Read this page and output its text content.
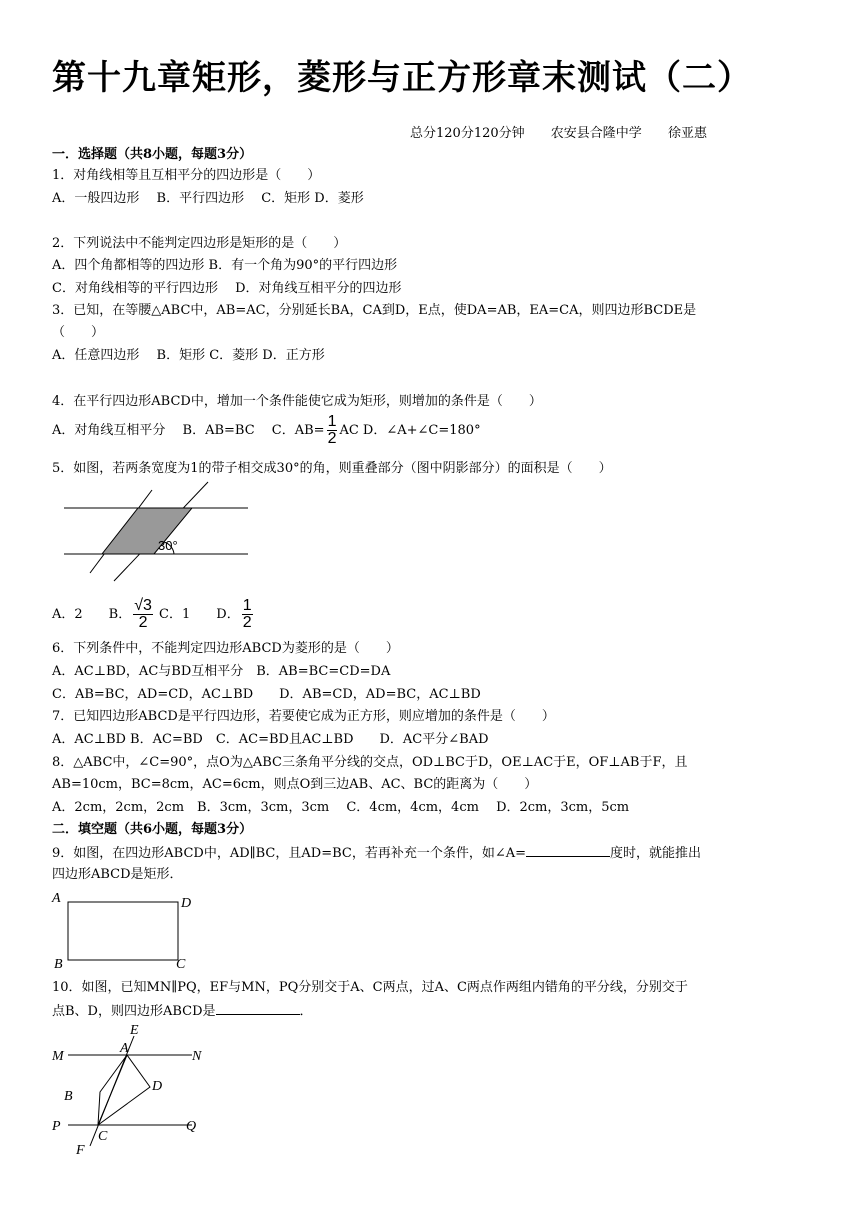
第十九章矩形，菱形与正方形章末测试（二）
总分120分120分钟 农安县合隆中学 徐亚惠
一．选择题（共8小题，每题3分）
1．对角线相等且互相平分的四边形是（　　）
A．一般四边形　 B．平行四边形　 C．矩形 D．菱形
2．下列说法中不能判定四边形是矩形的是（　　）
A．四个角都相等的四边形 B．有一个角为90°的平行四边形
C．对角线相等的平行四边形　 D．对角线互相平分的四边形
3．已知，在等腰△ABC中，AB=AC，分别延长BA，CA到D，E点，使DA=AB，EA=CA，则四边形BCDE是
（　　）
A．任意四边形　 B．矩形 C．菱形 D．正方形
4．在平行四边形ABCD中，增加一个条件能使它成为矩形，则增加的条件是（　　）
A．对角线互相平分　 B．AB=BC　 C．$AB= \frac{1}{2}$ AC D．∠A+∠C=180°
5．如图，若两条宽度为1的带子相交成30°的角，则重叠部分（图中阴影部分）的面积是（　　）
30°
A．2　　B． $\frac{√3}{2}$ C．1　　D． $\frac{1}{2}$
6．下列条件中，不能判定四边形ABCD为菱形的是（　　）
A．AC⊥BD，AC与BD互相平分　B．AB=BC=CD=DA
C．AB=BC，AD=CD，AC⊥BD　　D．AB=CD，AD=BC，AC⊥BD
7．已知四边形ABCD是平行四边形，若要使它成为正方形，则应增加的条件是（　　）
A．AC⊥BD B．AC=BD　C．AC=BD且AC⊥BD　　D．AC平分∠BAD
8．△ABC中，∠C=90°，点O为△ABC三条角平分线的交点，OD⊥BC于D，OE⊥AC于E，OF⊥AB于F，且
AB=10cm，BC=8cm，AC=6cm，则点O到三边AB、AC、BC的距离为（　　）
A．2cm，2cm，2cm　B．3cm，3cm，3cm　 C．4cm，4cm，4cm　 D．2cm，3cm，5cm
二．填空题（共6小题，每题3分）
9．如图，在四边形ABCD中，AD∥BC，且AD=BC，若再补充一个条件，如∠A=	度时，就能推出
四边形ABCD是矩形．
A	D
B	C
10．如图，已知MN∥PQ，EF与MN，PQ分别交于A、C两点，过A、C两点作两组内错角的平分线，分别交于
点B、D，则四边形ABCD是	．
E
M
A
N
B
D
P
C
Q
F
